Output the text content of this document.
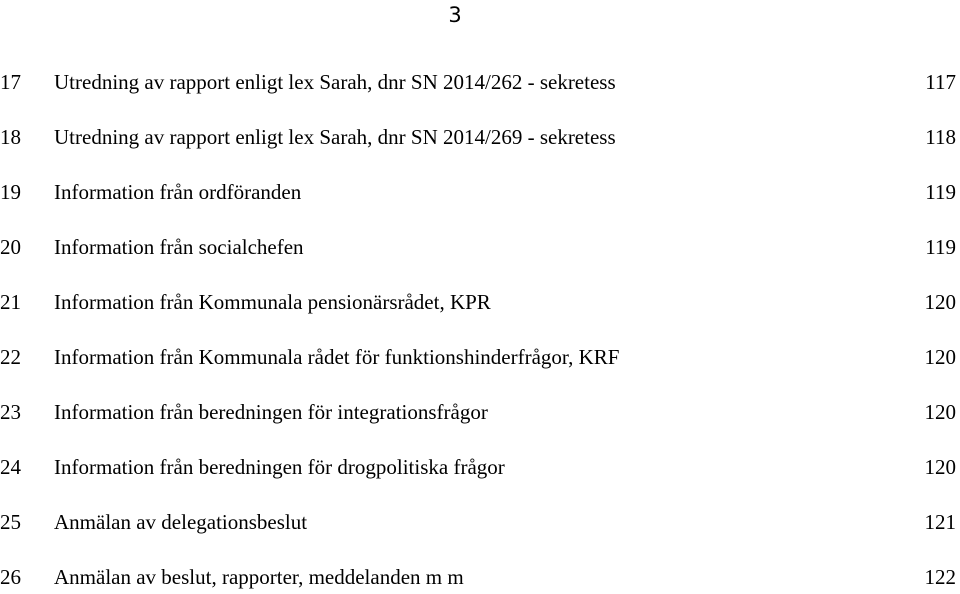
3
17 Utredning av rapport enligt lex Sarah, dnr SN 2014/262 - sekretess	117
18 Utredning av rapport enligt lex Sarah, dnr SN 2014/269 - sekretess	118
19 Information från ordföranden	119
20 Information från socialchefen	119
21 Information från Kommunala pensionärsrådet, KPR	120
22 Information från Kommunala rådet för funktionshinderfrågor, KRF	120
23 Information från beredningen för integrationsfrågor	120
24 Information från beredningen för drogpolitiska frågor	120
25 Anmälan av delegationsbeslut	121
26 Anmälan av beslut, rapporter, meddelanden m m	122
